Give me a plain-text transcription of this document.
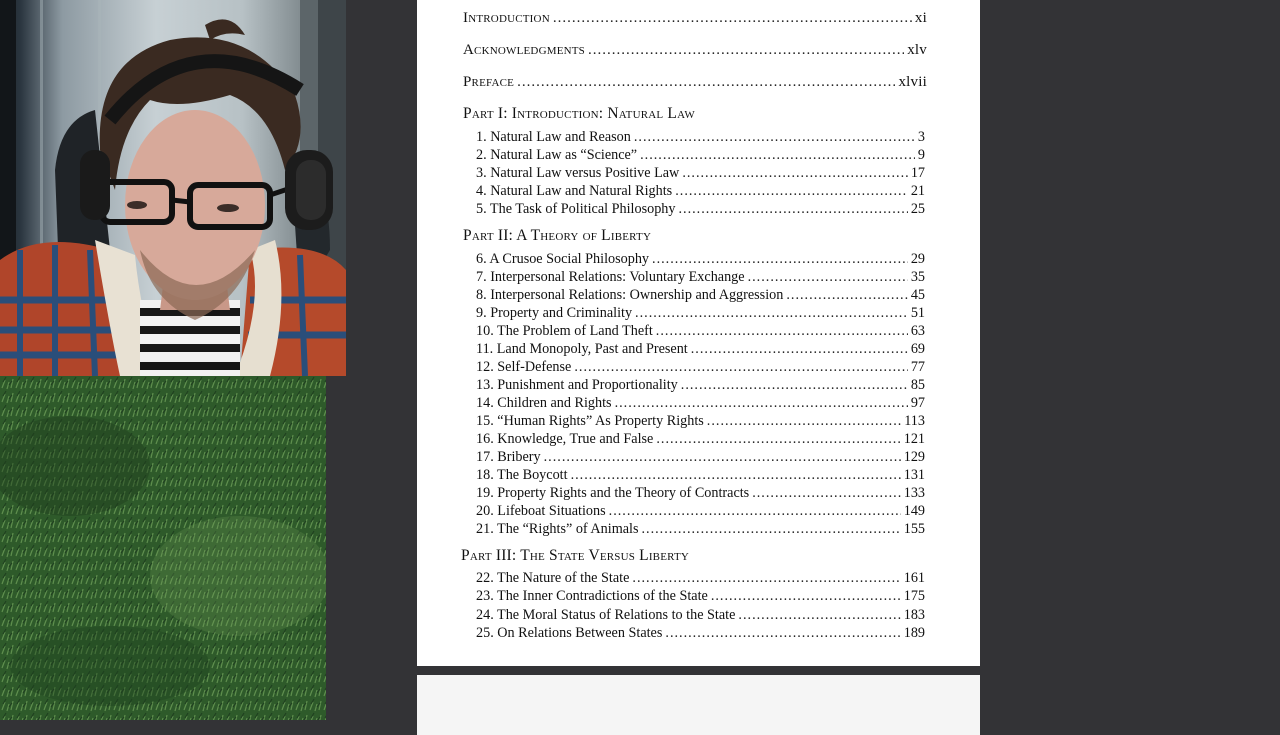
Introduction .....	xi
Acknowledgments .....	xlv
Preface .....	xlvii
Part I: Introduction: Natural Law
1. Natural Law and Reason .....	3
2. Natural Law as “Science” .....	9
3. Natural Law versus Positive Law .....	17
4. Natural Law and Natural Rights .....	21
5. The Task of Political Philosophy .....	25
Part II: A Theory of Liberty
6. A Crusoe Social Philosophy .....	29
7. Interpersonal Relations: Voluntary Exchange .....	35
8. Interpersonal Relations: Ownership and Aggression .....	45
9. Property and Criminality .....	51
10. The Problem of Land Theft .....	63
11. Land Monopoly, Past and Present .....	69
12. Self-Defense .....	77
13. Punishment and Proportionality .....	85
14. Children and Rights .....	97
15. “Human Rights” As Property Rights .....	113
16. Knowledge, True and False .....	121
17. Bribery .....	129
18. The Boycott .....	131
19. Property Rights and the Theory of Contracts .....	133
20. Lifeboat Situations .....	149
21. The “Rights” of Animals .....	155
Part III: The State Versus Liberty
22. The Nature of the State .....	161
23. The Inner Contradictions of the State .....	175
24. The Moral Status of Relations to the State .....	183
25. On Relations Between States .....	189
